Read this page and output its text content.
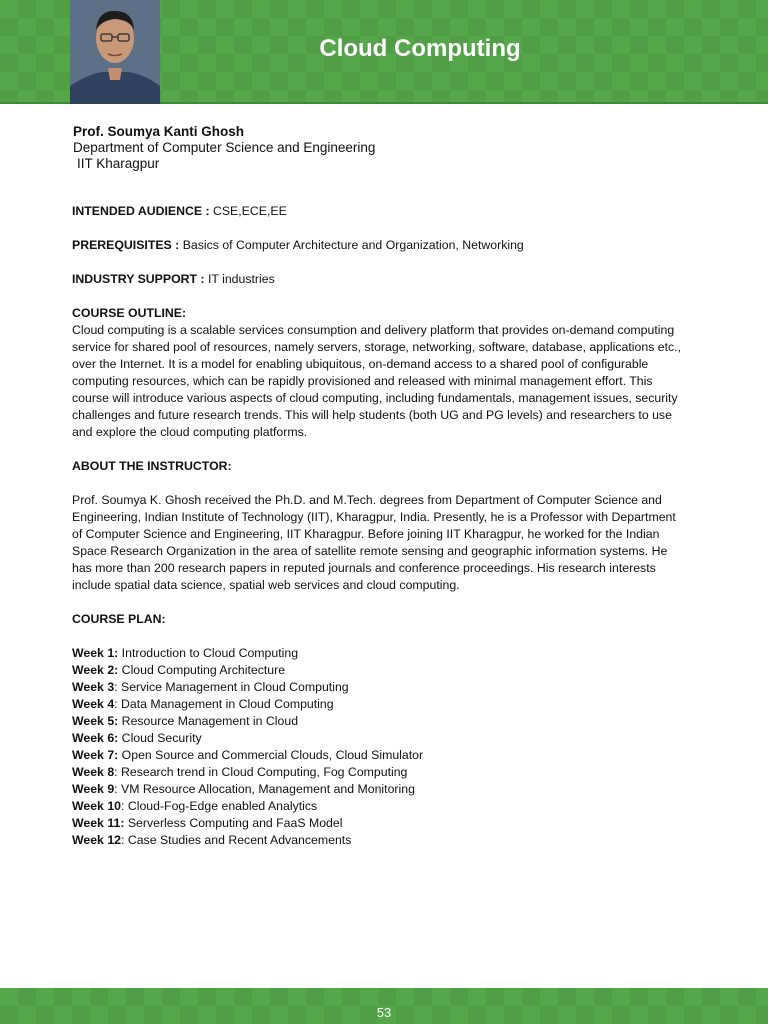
Cloud Computing
Prof. Soumya Kanti Ghosh
Department of Computer Science and Engineering
IIT Kharagpur

INTENDED AUDIENCE : CSE,ECE,EE

PREREQUISITES : Basics of Computer Architecture and Organization, Networking

INDUSTRY SUPPORT : IT industries

COURSE OUTLINE:

Cloud computing is a scalable services consumption and delivery platform that provides on-demand computing service for shared pool of resources, namely servers, storage, networking, software, database, applications etc., over the Internet. It is a model for enabling ubiquitous, on-demand access to a shared pool of configurable computing resources, which can be rapidly provisioned and released with minimal management effort. This course will introduce various aspects of cloud computing, including fundamentals, management issues, security challenges and future research trends. This will help students (both UG and PG levels) and researchers to use and explore the cloud computing platforms.

ABOUT THE INSTRUCTOR:

Prof. Soumya K. Ghosh received the Ph.D. and M.Tech. degrees from Department of Computer Science and Engineering, Indian Institute of Technology (IIT), Kharagpur, India. Presently, he is a Professor with Department of Computer Science and Engineering, IIT Kharagpur. Before joining IIT Kharagpur, he worked for the Indian Space Research Organization in the area of satellite remote sensing and geographic information systems. He has more than 200 research papers in reputed journals and conference proceedings. His research interests include spatial data science, spatial web services and cloud computing.

COURSE PLAN:

Week 1: Introduction to Cloud Computing

Week 2: Cloud Computing Architecture

Week 3: Service Management in Cloud Computing

Week 4: Data Management in Cloud Computing

Week 5: Resource Management in Cloud

Week 6: Cloud Security

Week 7: Open Source and Commercial Clouds, Cloud Simulator

Week 8: Research trend in Cloud Computing, Fog Computing

Week 9: VM Resource Allocation, Management and Monitoring

Week 10: Cloud-Fog-Edge enabled Analytics

Week 11: Serverless Computing and FaaS Model

Week 12: Case Studies and Recent Advancements

53
